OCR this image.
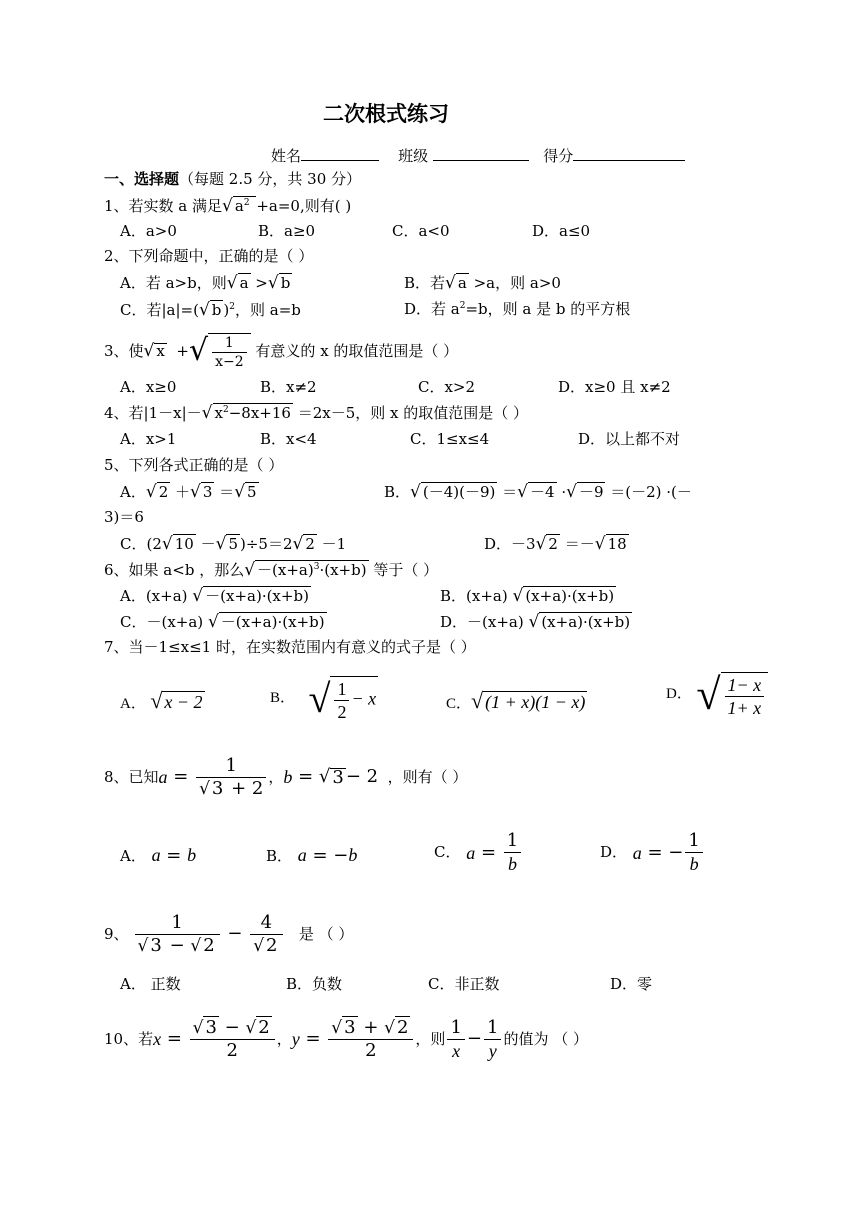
二次根式练习
姓名	班级	得分
一、选择题（每题 2.5 分，共 30 分）
1、若实数 a 满足√ $a^2 +a=0$,则有( )
A．a>0	B．a≥0	C．a<0	D．a≤0
2、下列命题中，正确的是（ ）
A．若 a>b，则√ a >√ b	B．若√ a >a，则 a>0
C．若|a|=(√ b )$^2$，则 a=b	D．若 $a^2=b$，则 a 是 b 的平方根
3、使 √ x + √ $\frac{1}{x-2}$
有意义的 x 的取值范围是（ ）
A．x≥0	B．x≠2	C．x>2	D．x≥0 且 x≠2
4、若|1－x|－√ $x^2-8x+16 =2x-5$，则 x 的取值范围是（ ）
A．x>1	B．x<4	C．1≤x≤4	D．以上都不对
5、下列各式正确的是（ ）
A．√ 2 ＋√ 3 ＝√ 5	B．√ (－4)(－9) ＝√ －4 ·√ －9 ＝(－2) ·(－
3)＝6
C．(2√ 10 －√ 5 )÷5＝2√ 2 －1	D．－3√ 2 ＝－√ 18
6、如果 a<b ，那么√ $-(x+a)^3\cdot(x+b)$ 等于（ ）
A．(x+a) √ －(x+a)·(x+b)	B．(x+a) √ (x+a)·(x+b)
C．－(x+a) √ －(x+a)·(x+b)	D．－(x+a) √ (x+a)·(x+b)
7、当－1≤x≤1 时，在实数范围内有意义的式子是（ ）
A． √ x − 2	B．
√ $\frac{1}{2} - x$	C．√ (1 + x)(1 − x)	D．
√ $\frac{1- x}{1+ x}$
8、已知 $a = \frac{1}{√ 3 + 2}$ ， b = √ 3 − 2
，则有（ ）
A． a = b	B． a = −b	C．
$a = \frac{1}{b}$	D．
a = − $\frac{1}{b}$
9、 $\frac{1}{√ 3 - √ 2} - \frac{4}{√ 2}$
是 （ ）
A． 正数	B．负数	C．非正数	D．零
10、若 $x = \frac{√ 3 - √ 2}{2}$ ， $y = \frac{√ 3 + √ 2}{2}$ ，则 $\frac{1}{x} - \frac{1}{y}$ 的值为 （ ）
